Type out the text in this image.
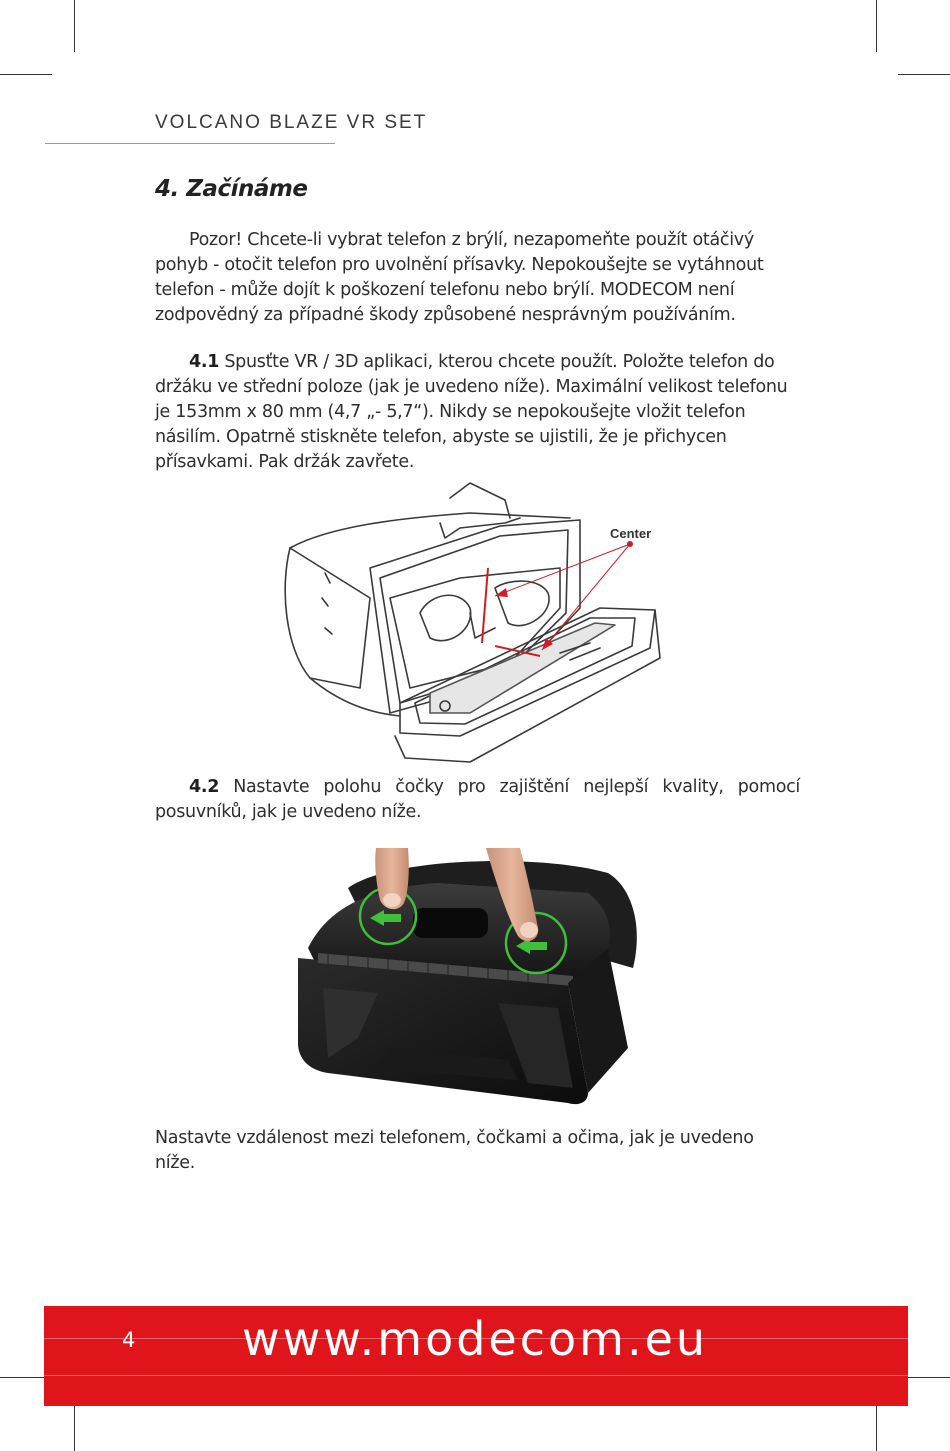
VOLCANO BLAZE VR SET
4. Začínáme

Pozor! Chcete-li vybrat telefon z brýlí, nezapomeňte použít otáčivý pohyb - otočit telefon pro uvolnění přísavky. Nepokoušejte se vytáhnout telefon - může dojít k poškození telefonu nebo brýlí. MODECOM není zodpovědný za případné škody způsobené nesprávným používáním.

4.1 Spusťte VR / 3D aplikaci, kterou chcete použít. Položte telefon do držáku ve střední poloze (jak je uvedeno níže). Maximální velikost telefonu je 153mm x 80 mm (4,7 „- 5,7“). Nikdy se nepokoušejte vložit telefon násilím. Opatrně stiskněte telefon, abyste se ujistili, že je přichycen přísavkami. Pak držák zavřete.

Center

4.2 Nastavte polohu čočky pro zajištění nejlepší kvality, pomocí posuvníků, jak je uvedeno níže.

Nastavte vzdálenost mezi telefonem, čočkami a očima, jak je uvedeno níže.

4 www.modecom.eu
